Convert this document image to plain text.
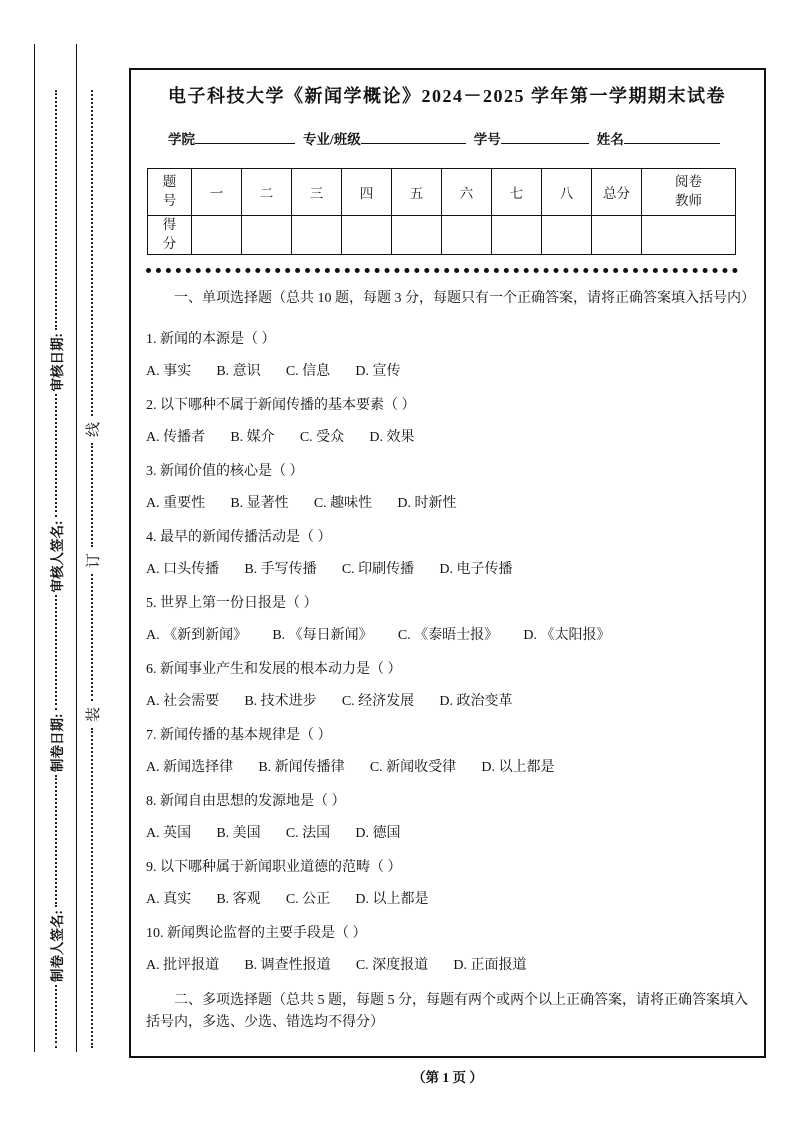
制卷人签名:
制卷日期:
审核人签名:
审核日期:
装
订
线
电子科技大学《新闻学概论》2024－2025 学年第一学期期末试卷
学院	专业/班级	学号	姓名
题号	一	二	三	四	五	六	七	八	总分	阅卷教师

得分										

一、单项选择题（总共 10 题，每题 3 分，每题只有一个正确答案，请将正确答案填入括号内）

1. 新闻的本源是（ ）

A. 事实 B. 意识 C. 信息 D. 宣传

2. 以下哪种不属于新闻传播的基本要素（ ）

A. 传播者 B. 媒介 C. 受众 D. 效果

3. 新闻价值的核心是（ ）

A. 重要性 B. 显著性 C. 趣味性 D. 时新性

4. 最早的新闻传播活动是（ ）

A. 口头传播 B. 手写传播 C. 印刷传播 D. 电子传播

5. 世界上第一份日报是（ ）

A. 《新到新闻》 B. 《每日新闻》 C. 《泰晤士报》 D. 《太阳报》

6. 新闻事业产生和发展的根本动力是（ ）

A. 社会需要 B. 技术进步 C. 经济发展 D. 政治变革

7. 新闻传播的基本规律是（ ）

A. 新闻选择律 B. 新闻传播律 C. 新闻收受律 D. 以上都是

8. 新闻自由思想的发源地是（ ）

A. 英国 B. 美国 C. 法国 D. 德国

9. 以下哪种属于新闻职业道德的范畴（ ）

A. 真实 B. 客观 C. 公正 D. 以上都是

10. 新闻舆论监督的主要手段是（ ）

A. 批评报道 B. 调查性报道 C. 深度报道 D. 正面报道

二、多项选择题（总共 5 题，每题 5 分，每题有两个或两个以上正确答案，请将正确答案填入括号内，多选、少选、错选均不得分）

（第 1 页 ）
